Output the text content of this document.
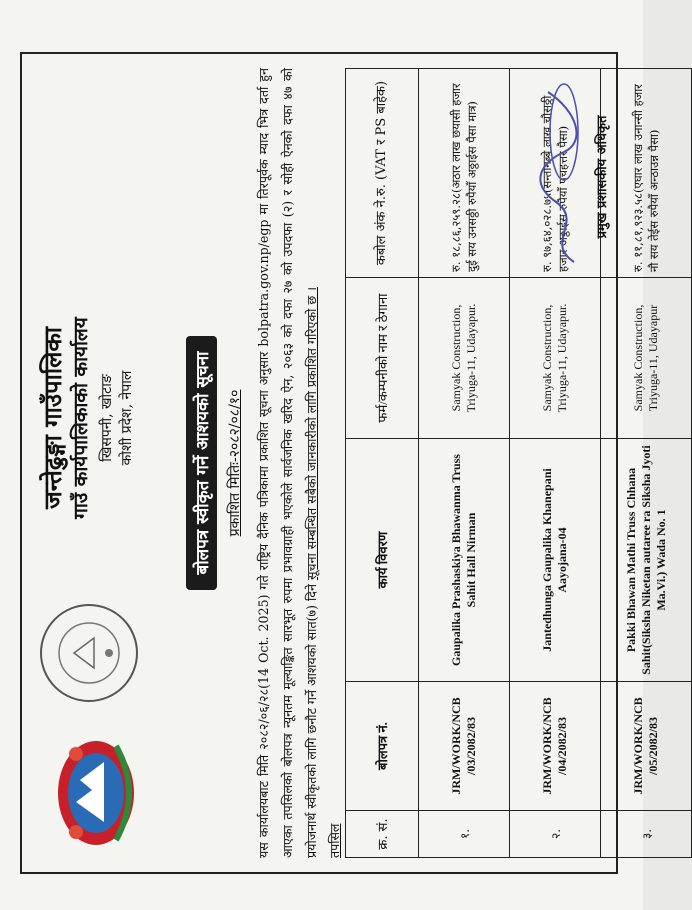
जन्तेढुङ्गा गाउँपालिका गाउँ कार्यपालिकाको कार्यालय खिसपनी, खोटाङ कोशी प्रदेश, नेपाल	बोलपत्र स्वीकृत गर्ने आशयको सूचना प्रकाशित मितिः-२०८२/०८/१०	यस कार्यालयबाट मिति २०८२/०६/२८(14 Oct. 2025) गते राष्ट्रिय दैनिक पत्रिकामा प्रकाशित सूचना अनुसार bolpatra.gov.np/egp मा तिरपूर्वक म्याद भित्र दर्ता हुन आएका तपसिलको बोलपत्र न्यूनतम मूल्याङ्कित सारभूत रुपमा प्रभावग्राही भएकोले सार्वजनिक खरिद ऐन, २०६३ को दफा २७ को उपदफा (२) र सोही ऐनको दफा ४७ को प्रयोजनार्थ स्वीकृतको लागि छनौट गर्ने आशयको सात(७) दिने सूचना सम्बन्धित सबैको जानकारीको लागि प्रकाशित गरिएको छ ।

तपसिल	क्र. सं.	बोलपत्र नं.	कार्य विवरण	फर्म/कम्पनीको नाम र ठेगाना	कबोल अंक ने.रु. (VAT र PS बाहेक)
१.	JRM/WORK/NCB /03/2082/83	Gaupalika Prashaskiya Bhawanma Truss Sahit Hall Nirman	Samyak Construction, Triyuga-11, Udayapur.	रु. १८,८६,२५९.२८(अठार लाख छयासी हजार दुई सय उनसठ्ठी रुपैयाँ अठ्ठाईस पैसा मात्र)
२.	JRM/WORK/NCB /04/2082/83	Jantedhunga Gaupalika Khanepani Aayojana-04	Samyak Construction, Triyuga-11, Udayapur.	रु. ९७,६४,०२८.७५(सन्तानब्बे लाख चौसठ्ठी हजार अठ्ठाईस रुपैयाँ पचहत्तर पैसा)
३.	JRM/WORK/NCB /05/2082/83	Pakki Bhawan Mathi Truss Chhana Sahit(Siksha Niketan autaree ra Siksha Jyoti Ma.Vi.) Wada No. 1	Samyak Construction, Triyuga-11, Udayapur	रु. ११,८१,९२३.५८(एघार लाख उनान्सी हजार नौ सय तेईस रुपैयाँ अन्ठाउन्न पैसा)
प्रमुख प्रशासकीय अधिकृत
